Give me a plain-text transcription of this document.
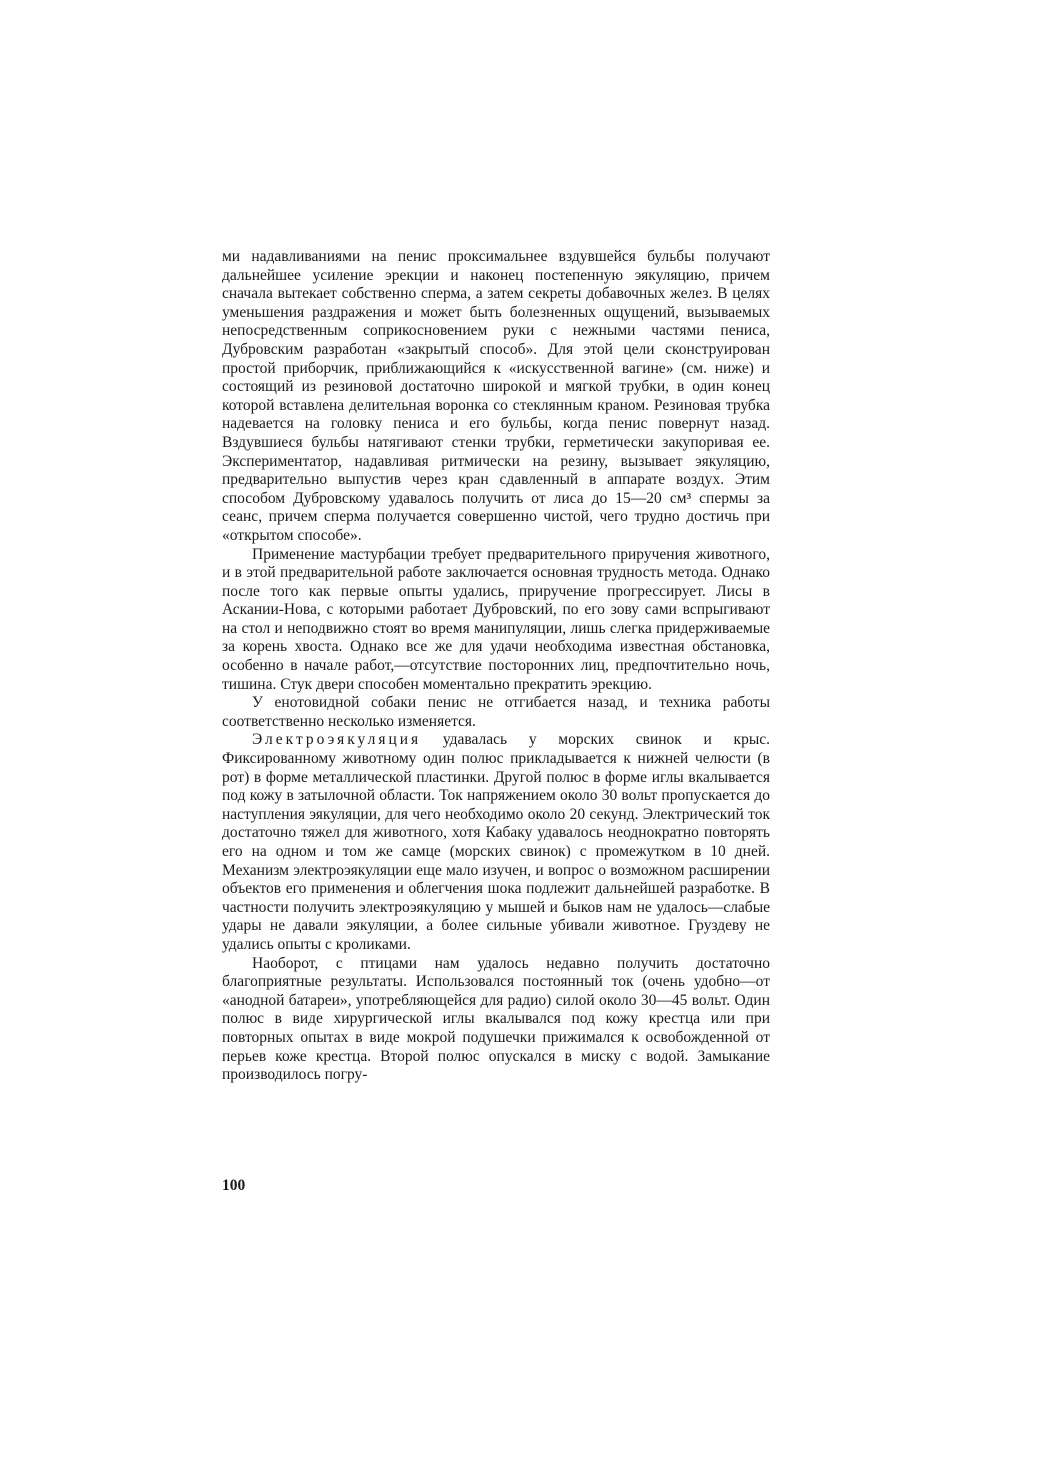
ми надавливаниями на пенис проксимальнее вздувшейся бульбы получают дальнейшее усиление эрекции и наконец постепенную эякуляцию, причем сначала вытекает собственно сперма, а затем секреты добавочных желез. В целях уменьшения раздражения и может быть болезненных ощущений, вызываемых непосредственным соприкосновением руки с нежными частями пениса, Дубровским разработан «закрытый способ». Для этой цели сконструирован простой приборчик, приближающийся к «искусственной вагине» (см. ниже) и состоящий из резиновой достаточно широкой и мягкой трубки, в один конец которой вставлена делительная воронка со стеклянным краном. Резиновая трубка надевается на головку пениса и его бульбы, когда пенис повернут назад. Вздувшиеся бульбы натягивают стенки трубки, герметически закупоривая ее. Экспериментатор, надавливая ритмически на резину, вызывает эякуляцию, предварительно выпустив через кран сдавленный в аппарате воздух. Этим способом Дубровскому удавалось получить от лиса до 15—20 см³ спермы за сеанс, причем сперма получается совершенно чистой, чего трудно достичь при «открытом способе».

Применение мастурбации требует предварительного приручения животного, и в этой предварительной работе заключается основная трудность метода. Однако после того как первые опыты удались, приручение прогрессирует. Лисы в Аскании-Нова, с которыми работает Дубровский, по его зову сами вспрыгивают на стол и неподвижно стоят во время манипуляции, лишь слегка придерживаемые за корень хвоста. Однако все же для удачи необходима известная обстановка, особенно в начале работ,—отсутствие посторонних лиц, предпочтительно ночь, тишина. Стук двери способен моментально прекратить эрекцию.

У енотовидной собаки пенис не отгибается назад, и техника работы соответственно несколько изменяется.

Электроэякуляция удавалась у морских свинок и крыс. Фиксированному животному один полюс прикладывается к нижней челюсти (в рот) в форме металлической пластинки. Другой полюс в форме иглы вкалывается под кожу в затылочной области. Ток напряжением около 30 вольт пропускается до наступления эякуляции, для чего необходимо около 20 секунд. Электрический ток достаточно тяжел для животного, хотя Кабаку удавалось неоднократно повторять его на одном и том же самце (морских свинок) с промежутком в 10 дней. Механизм электроэякуляции еще мало изучен, и вопрос о возможном расширении объектов его применения и облегчения шока подлежит дальнейшей разработке. В частности получить электроэякуляцию у мышей и быков нам не удалось—слабые удары не давали эякуляции, а более сильные убивали животное. Груздеву не удались опыты с кроликами.

Наоборот, с птицами нам удалось недавно получить достаточно благоприятные результаты. Использовался постоянный ток (очень удобно—от «анодной батареи», употребляющейся для радио) силой около 30—45 вольт. Один полюс в виде хирургической иглы вкалывался под кожу крестца или при повторных опытах в виде мокрой подушечки прижимался к освобожденной от перьев коже крестца. Второй полюс опускался в миску с водой. Замыкание производилось погру-

100
